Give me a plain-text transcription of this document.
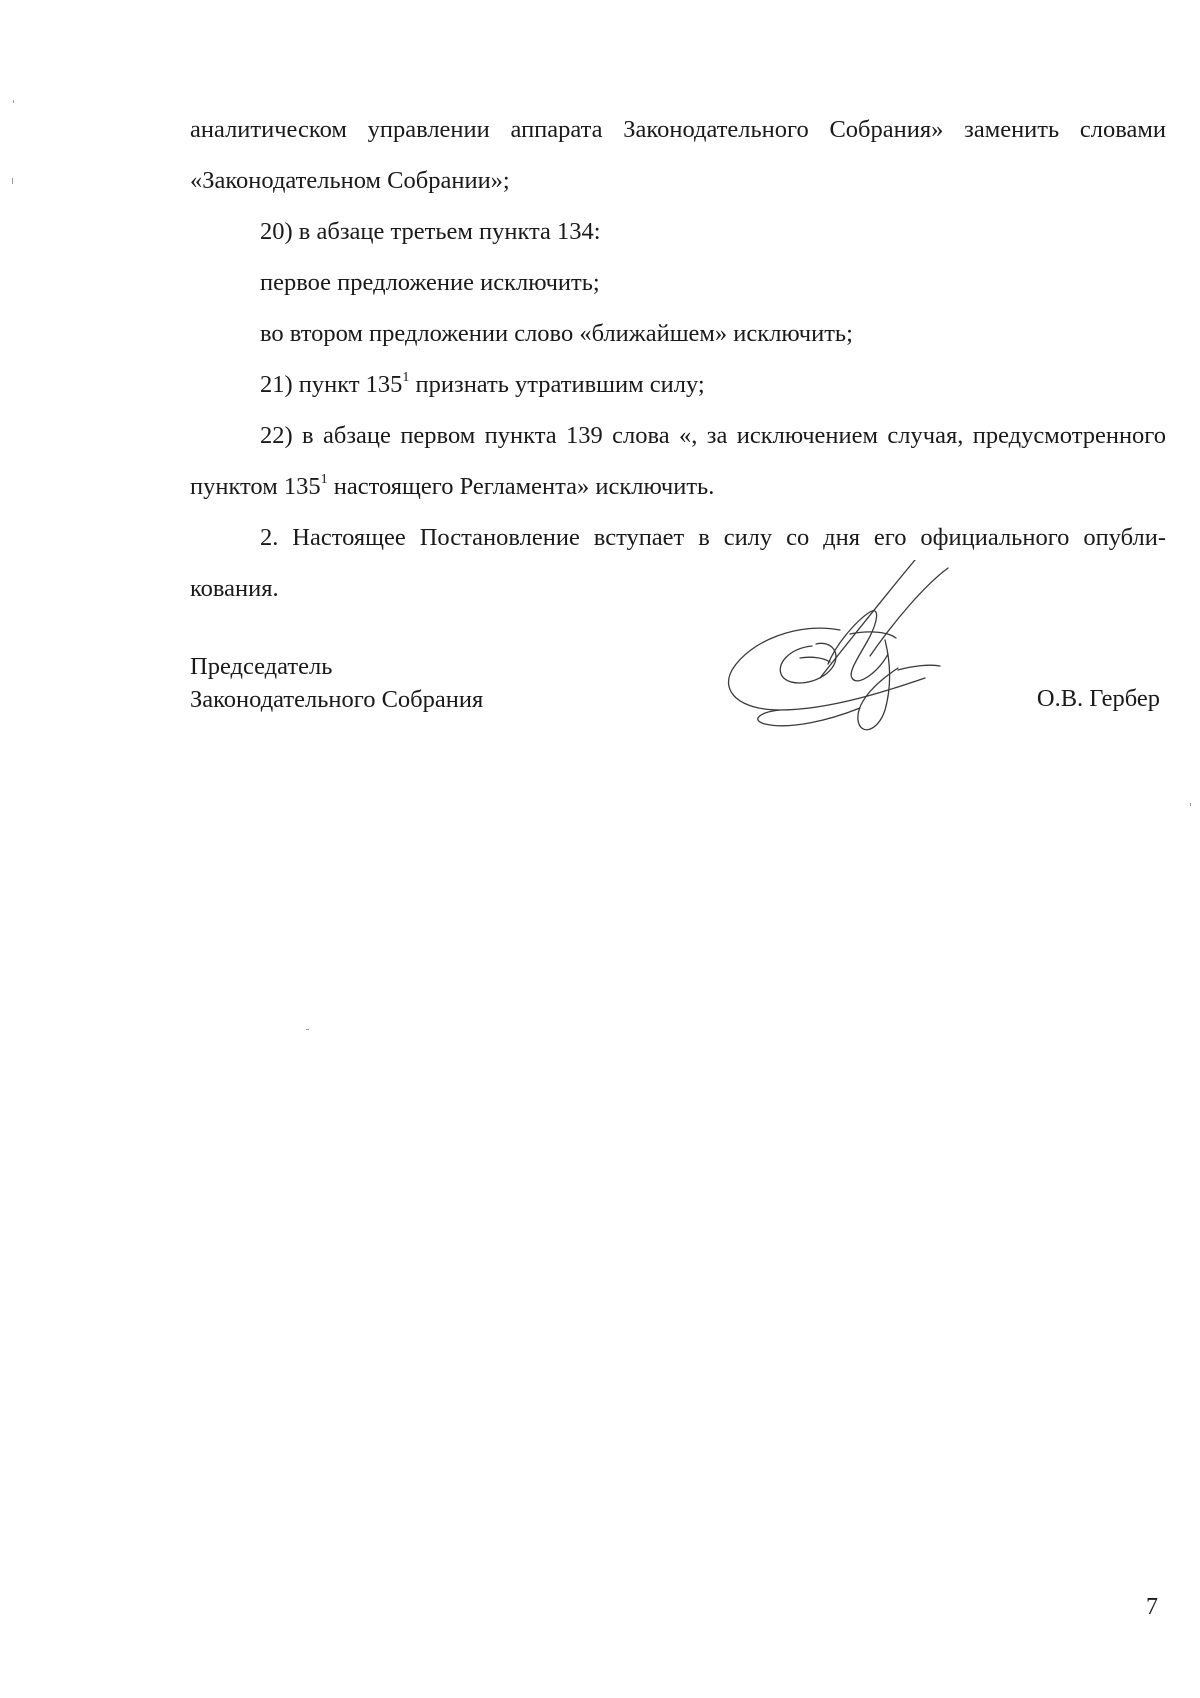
аналитическом управлении аппарата Законодательного Собрания» заменить словами «Законодательном Собрании»;

20) в абзаце третьем пункта 134:

первое предложение исключить;

во втором предложении слово «ближайшем» исключить;

21) пункт $135^1$ признать утратившим силу;

22) в абзаце первом пункта 139 слова «, за исключением случая, предусмотренного пунктом $135^1$ настоящего Регламента» исключить.

2. Настоящее Постановление вступает в силу со дня его официального опубликования.

Председатель
Законодательного Собрания	О.В. Гербер
7
